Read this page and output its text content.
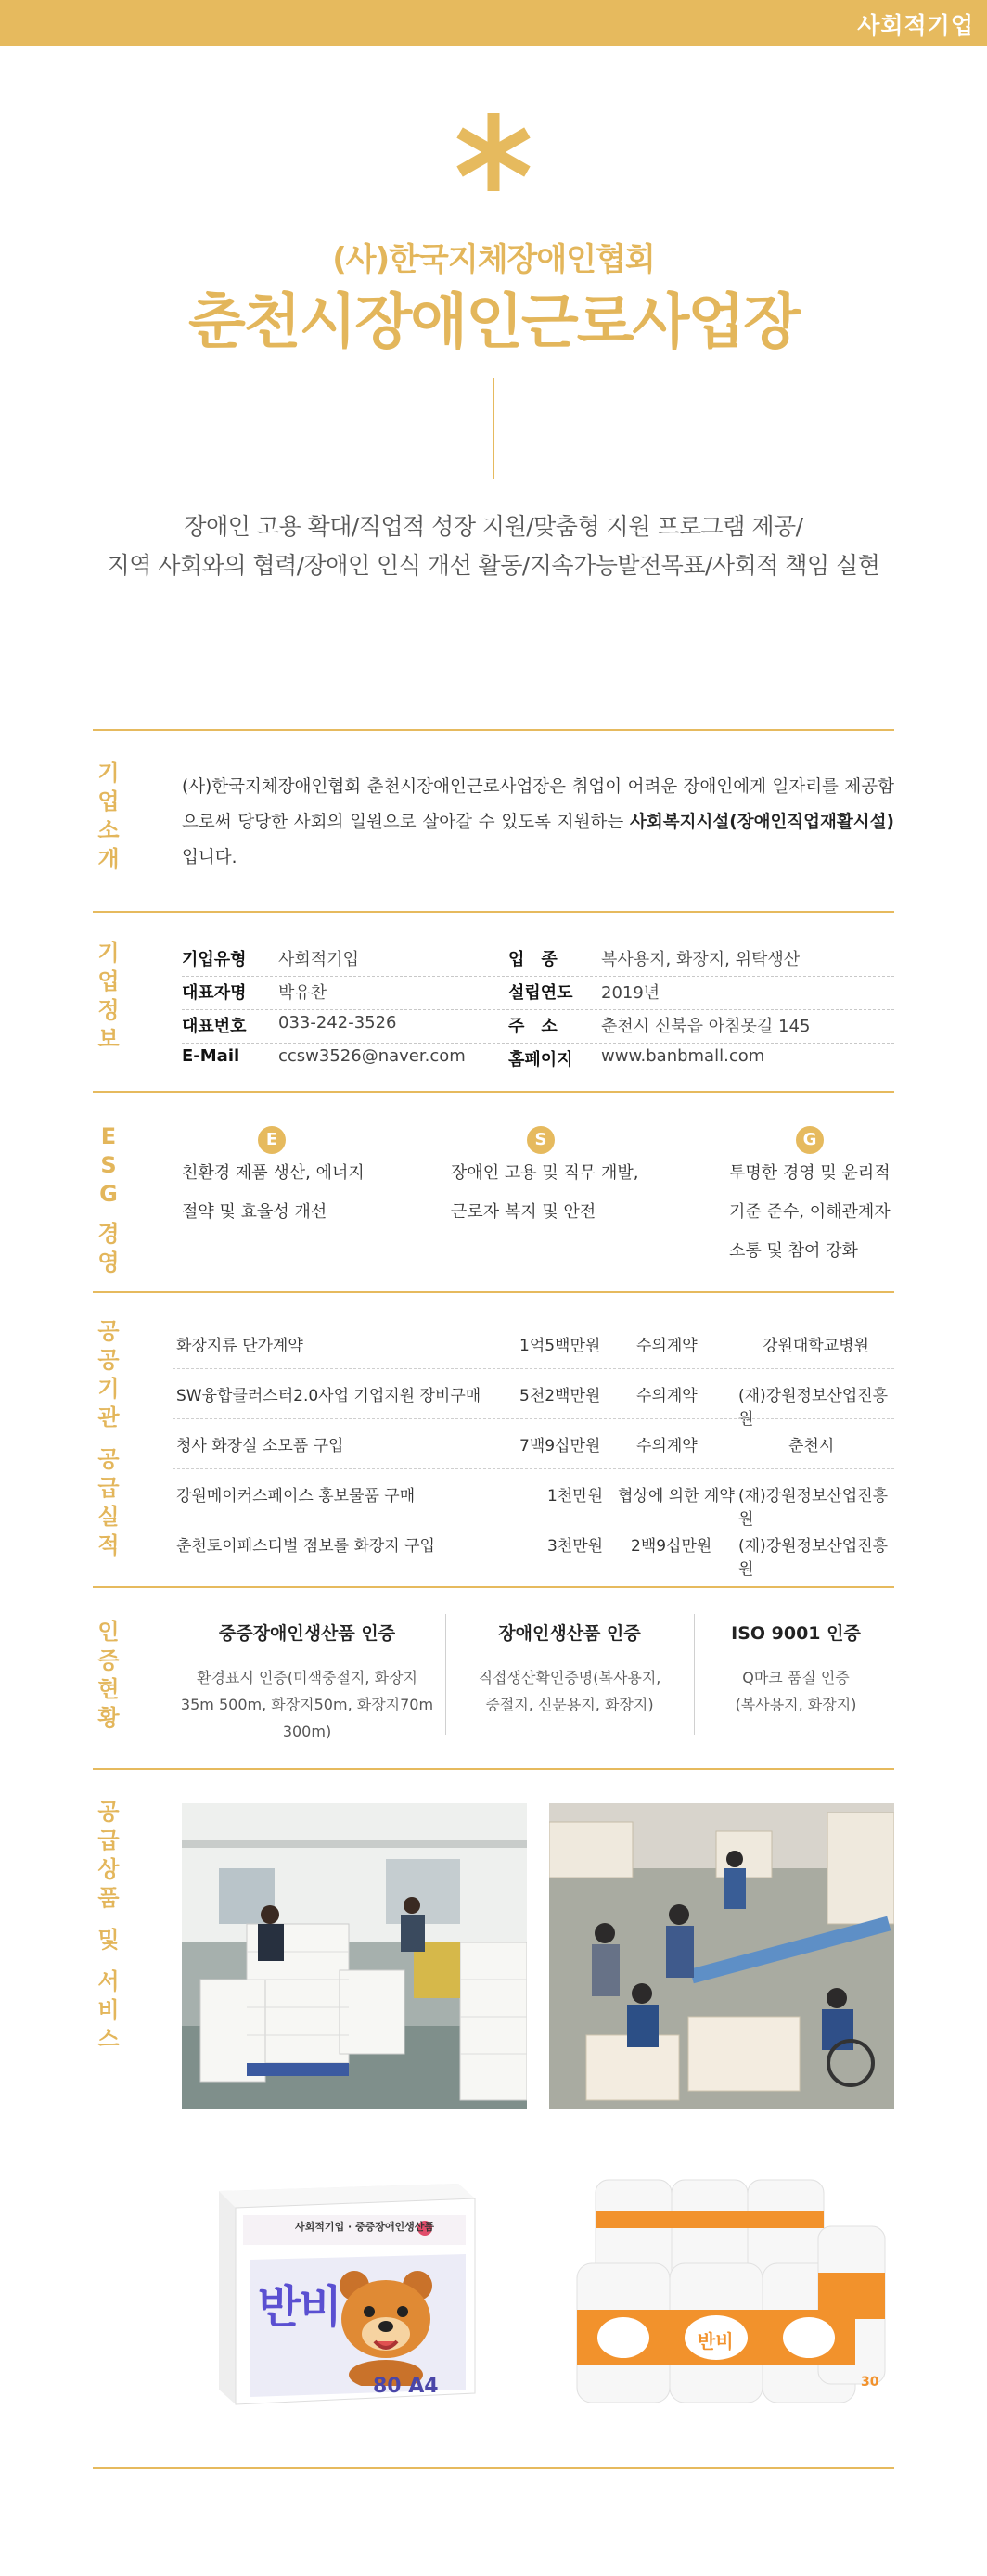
사회적기업
(사)한국지체장애인협회
춘천시장애인근로사업장
장애인 고용 확대/직업적 성장 지원/맞춤형 지원 프로그램 제공/
지역 사회와의 협력/장애인 인식 개선 활동/지속가능발전목표/사회적 책임 실현
기
업
소
개
(사)한국지체장애인협회 춘천시장애인근로사업장은 취업이 어려운 장애인에게 일자리를 제공함으로써 당당한 사회의 일원으로 살아갈 수 있도록 지원하는 사회복지시설(장애인직업재활시설)입니다.
기
업
정
보
기업유형 사회적기업	업　종	복사용지, 화장지, 위탁생산
대표자명 박유찬	설립연도 2019년
대표번호 033-242-3526	주　소	춘천시 신북읍 아침못길 145
E-Mail ccsw3526@naver.com	홈페이지 www.banbmall.com
E
S
G
경
영
E
친환경 제품 생산, 에너지
절약 및 효율성 개선
S
장애인 고용 및 직무 개발,
근로자 복지 및 안전
G
투명한 경영 및 윤리적
기준 준수, 이해관계자
소통 및 참여 강화
공
공
기
관
공
급
실
적
화장지류 단가계약	1억5백만원 수의계약	강원대학교병원
SW융합클러스터2.0사업 기업지원 장비구매 5천2백만원 수의계약	(재)강원정보산업진흥원
청사 화장실 소모품 구입	7백9십만원 수의계약	춘천시
강원메이커스페이스 홍보물품 구매	1천만원 협상에 의한 계약 (재)강원정보산업진흥원
춘천토이페스티벌 점보롤 화장지 구입	3천만원 2백9십만원 (재)강원정보산업진흥원
인
증
현
황
중증장애인생산품 인증
환경표시 인증(미색중절지, 화장지
35m 500m, 화장지50m, 화장지70m 300m)
장애인생산품 인증
직접생산확인증명(복사용지,
중절지, 신문용지, 화장지)
ISO 9001 인증
Q마크 품질 인증
(복사용지, 화장지)
공
급
상
품
및
서
비
스
사회적기업 · 중증장애인생산품
반비
80 A4
반비
30
